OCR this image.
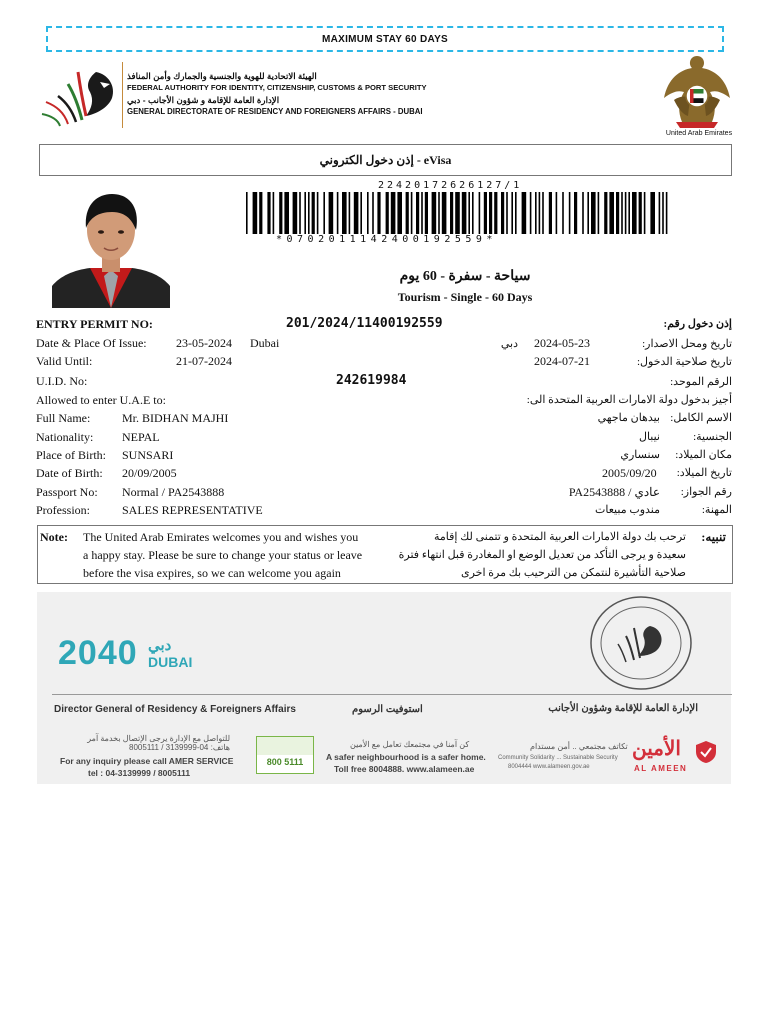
MAXIMUM STAY 60 DAYS
الهيئة الاتحادية للهوية والجنسية والجمارك وأمن المنافذ
FEDERAL AUTHORITY FOR IDENTITY, CITIZENSHIP, CUSTOMS & PORT SECURITY
الإدارة العامة للإقامة و شؤون الأجانب - دبي
GENERAL DIRECTORATE OF RESIDENCY AND FOREIGNERS AFFAIRS - DUBAI
United Arab Emirates
إذن دخول الكتروني - eVisa
22420172626127/1
*0702011142400192559*
سياحة - سفرة - 60 يوم
Tourism - Single - 60 Days
ENTRY PERMIT NO:	201/2024/11400192559	إذن دخول رقم:
Date & Place Of Issue: 23-05-2024 Dubai	دبي 2024-05-23	تاريخ ومحل الاصدار:
Valid Until:	21-07-2024	2024-07-21	تاريخ صلاحية الدخول:
U.I.D. No:	242619984	الرقم الموحد:
Allowed to enter U.A.E to:	أجيز بدخول دولة الامارات العربية المتحدة الى:
Full Name:	Mr. BIDHAN MAJHI	بيدهان ماجهي الاسم الكامل:
Nationality: NEPAL	نيبال	الجنسية:
Place of Birth: SUNSARI	سنساري مكان الميلاد:
Date of Birth: 20/09/2005	2005/09/20 تاريخ الميلاد:
Passport No: Normal / PA2543888	PA2543888 / عادي رقم الجواز:
Profession:	SALES REPRESENTATIVE	مندوب مبيعات	المهنة:
Note: The United Arab Emirates welcomes you and wishes you
a happy stay. Please be sure to change your status or leave
before the visa expires, so we can welcome you again
تنبيه:
ترحب بك دولة الامارات العربية المتحدة و تتمنى لك إقامة
سعيدة و يرجى التأكد من تعديل الوضع او المغادرة قبل انتهاء فترة
صلاحية التأشيرة لنتمكن من الترحيب بك مرة اخرى
2040 دبي
DUBAI
Director General of Residency & Foreigners Affairs	استوفيت الرسوم	الإدارة العامة للإقامة وشؤون الأجانب
للتواصل مع الإدارة يرجى الإتصال بخدمة آمر
هاتف: 04-3139999 / 8005111
For any inquiry please call AMER SERVICE
tel : 04-3139999 / 8005111
800 5111
كن آمنا في مجتمعك تعامل مع الأمين
A safer neighbourhood is a safer home.
Toll free 8004888. www.alameen.ae
تكاتف مجتمعي .. أمن مستدام
Community Solidarity ... Sustainable Security
8004444 www.alameen.gov.ae
الأمين
AL AMEEN
